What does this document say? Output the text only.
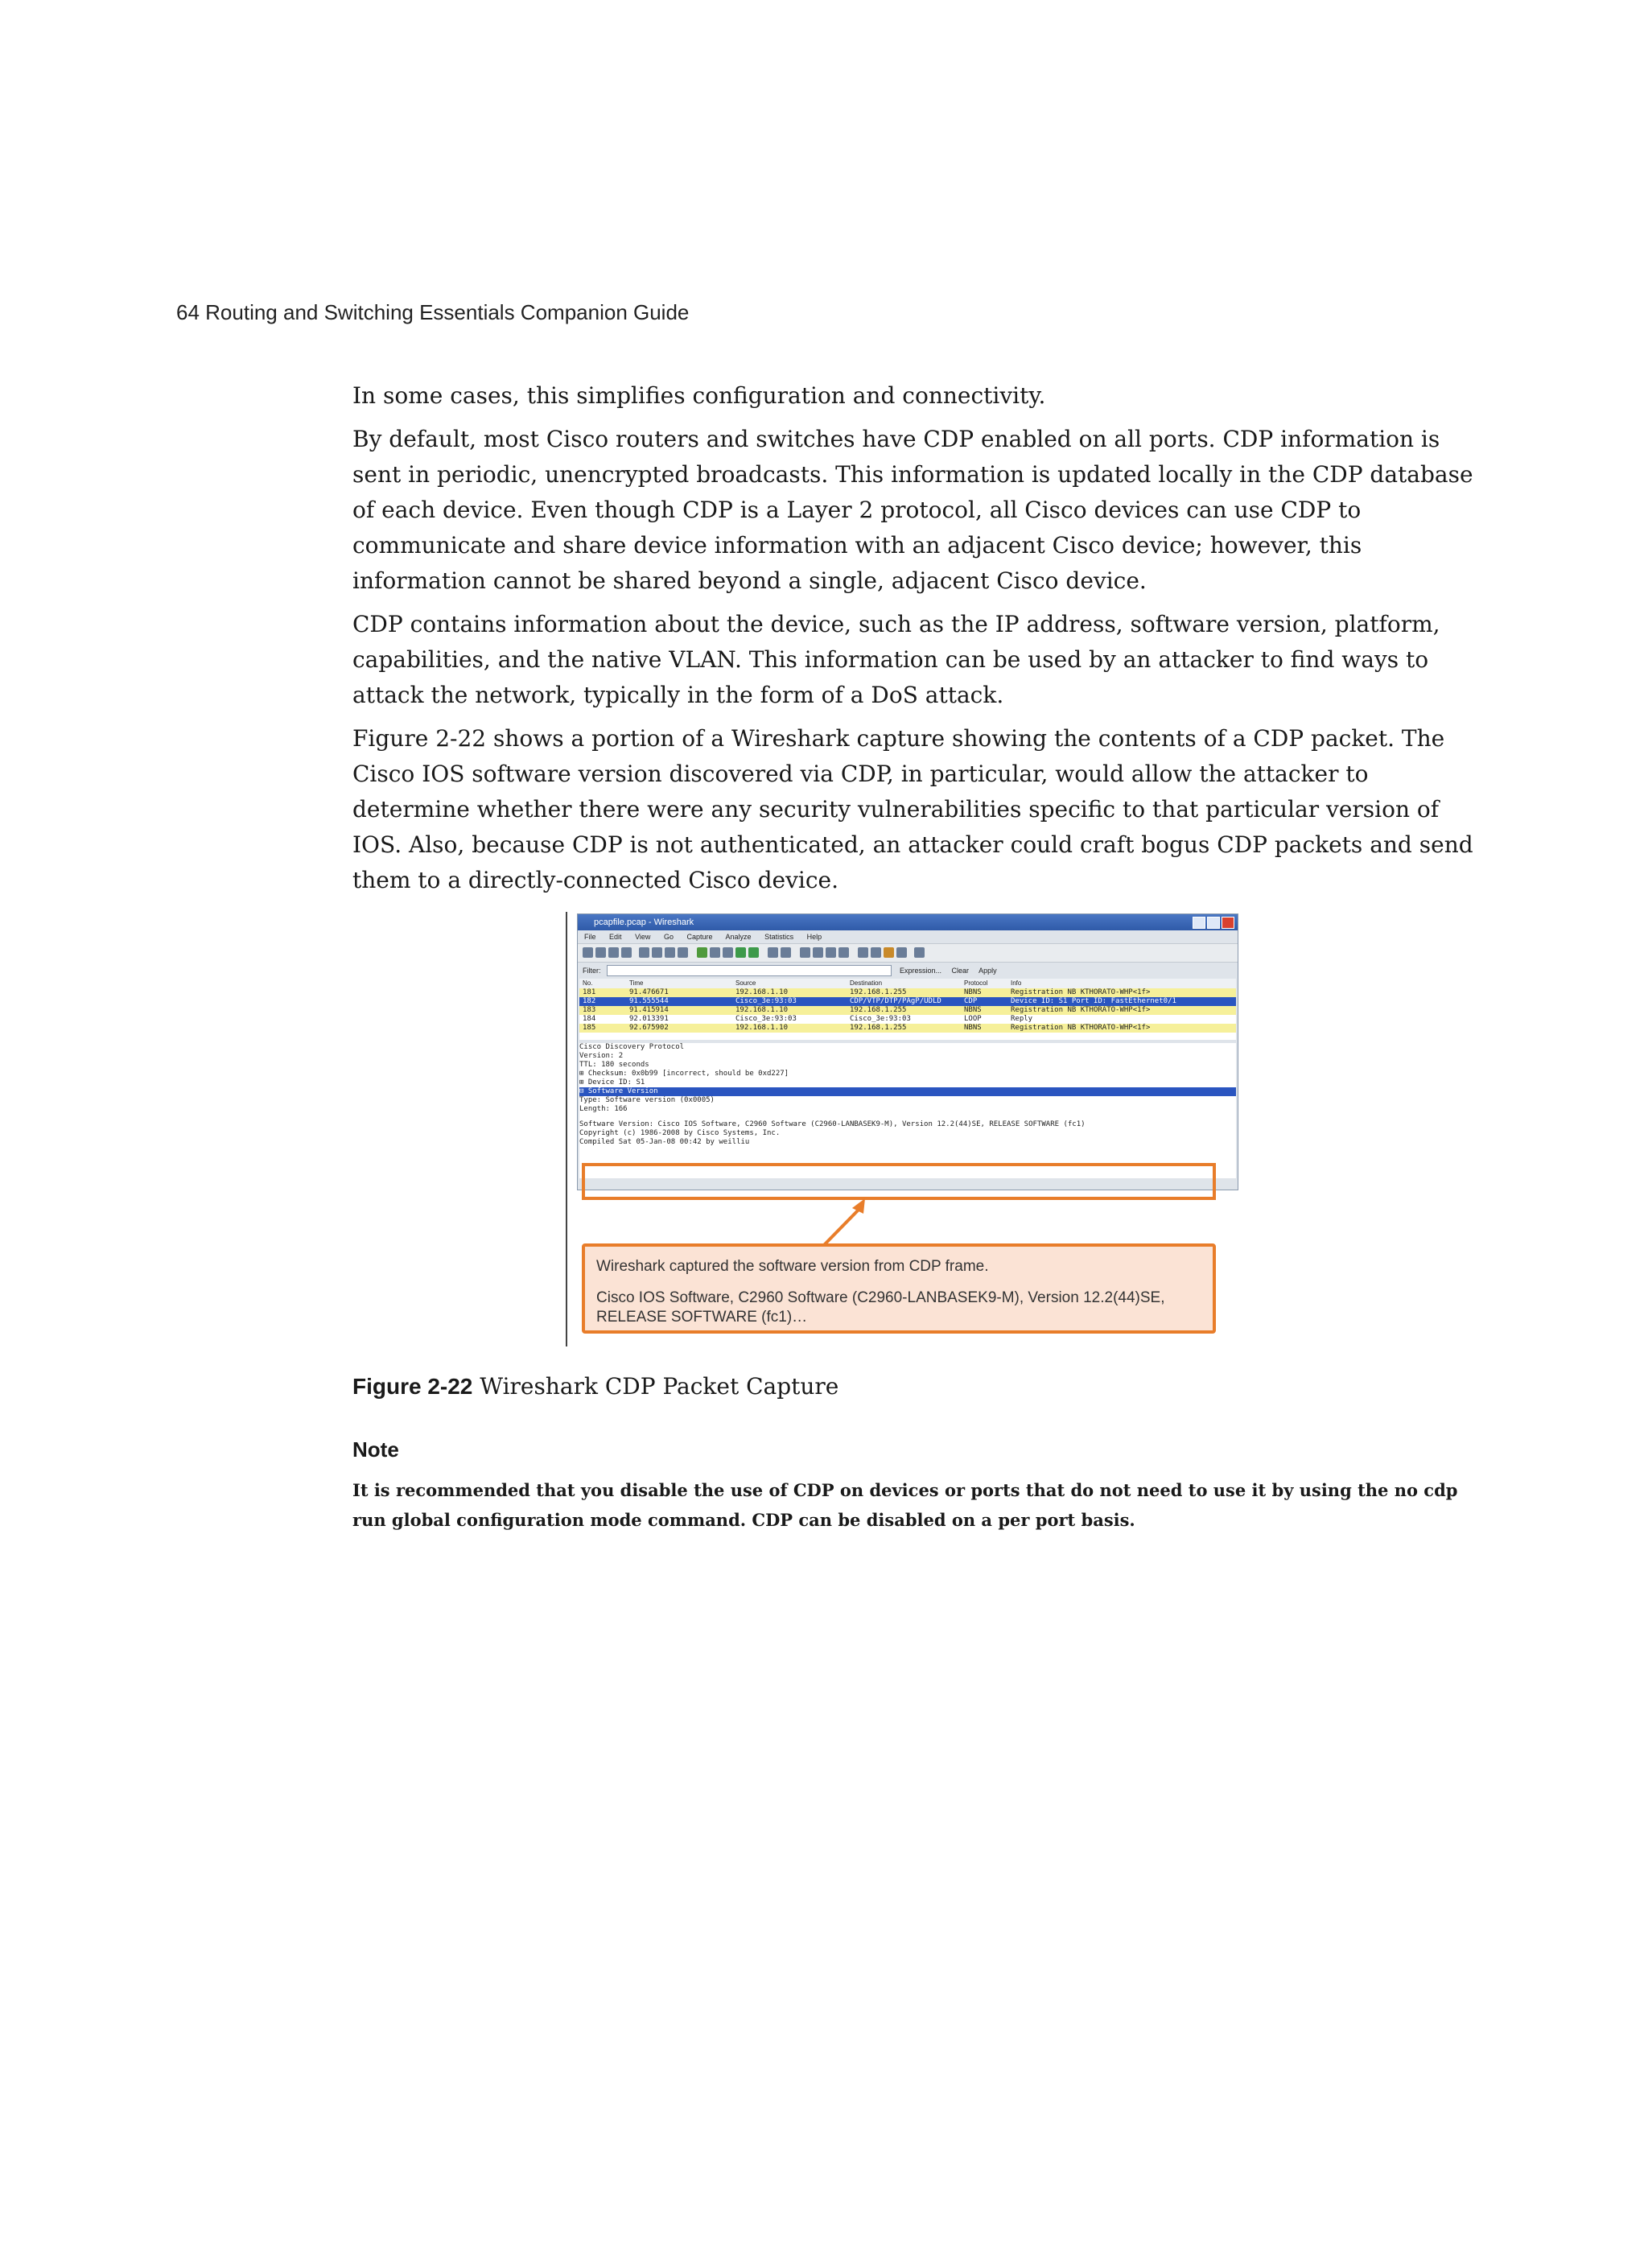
64 Routing and Switching Essentials Companion Guide

In some cases, this simplifies configuration and connectivity.

By default, most Cisco routers and switches have CDP enabled on all ports. CDP information is sent in periodic, unencrypted broadcasts. This information is updated locally in the CDP database of each device. Even though CDP is a Layer 2 protocol, all Cisco devices can use CDP to communicate and share device information with an adjacent Cisco device; however, this information cannot be shared beyond a single, adjacent Cisco device.

CDP contains information about the device, such as the IP address, software version, platform, capabilities, and the native VLAN. This information can be used by an attacker to find ways to attack the network, typically in the form of a DoS attack.

Figure 2-22 shows a portion of a Wireshark capture showing the contents of a CDP packet. The Cisco IOS software version discovered via CDP, in particular, would allow the attacker to determine whether there were any security vulnerabilities specific to that particular version of IOS. Also, because CDP is not authenticated, an attacker could craft bogus CDP packets and send them to a directly-connected Cisco device.

pcapfile.pcap - Wireshark
File Edit View Go Capture Analyze Statistics Help
Filter:	Expression... Clear Apply
No.	Time	Source	Destination	Protocol	Info
181	91.476671	192.168.1.10	192.168.1.255	NBNS	Registration NB KTHORATO-WHP<1f>
182	91.555544	Cisco_3e:93:03	CDP/VTP/DTP/PAgP/UDLD	CDP	Device ID: S1 Port ID: FastEthernet0/1
183	91.415914	192.168.1.10	192.168.1.255	NBNS	Registration NB KTHORATO-WHP<1f>
184	92.013391	Cisco_3e:93:03	Cisco_3e:93:03	LOOP	Reply
185	92.675902	192.168.1.10	192.168.1.255	NBNS	Registration NB KTHORATO-WHP<1f>
Cisco Discovery Protocol
Version: 2
TTL: 180 seconds
⊞ Checksum: 0x0b99 [incorrect, should be 0xd227]
⊞ Device ID: S1
⊟ Software Version
Type: Software version (0x0005)
Length: 166
Software Version: Cisco IOS Software, C2960 Software (C2960-LANBASEK9-M), Version 12.2(44)SE, RELEASE SOFTWARE (fc1)
Copyright (c) 1986-2008 by Cisco Systems, Inc.
Compiled Sat 05-Jan-08 00:42 by weilliu
Wireshark captured the software version from CDP frame.
Cisco IOS Software, C2960 Software (C2960-LANBASEK9-M), Version 12.2(44)SE, RELEASE SOFTWARE (fc1)…
Figure 2-22 Wireshark CDP Packet Capture
Note
It is recommended that you disable the use of CDP on devices or ports that do not need to use it by using the no cdp run global configuration mode command. CDP can be disabled on a per port basis.
